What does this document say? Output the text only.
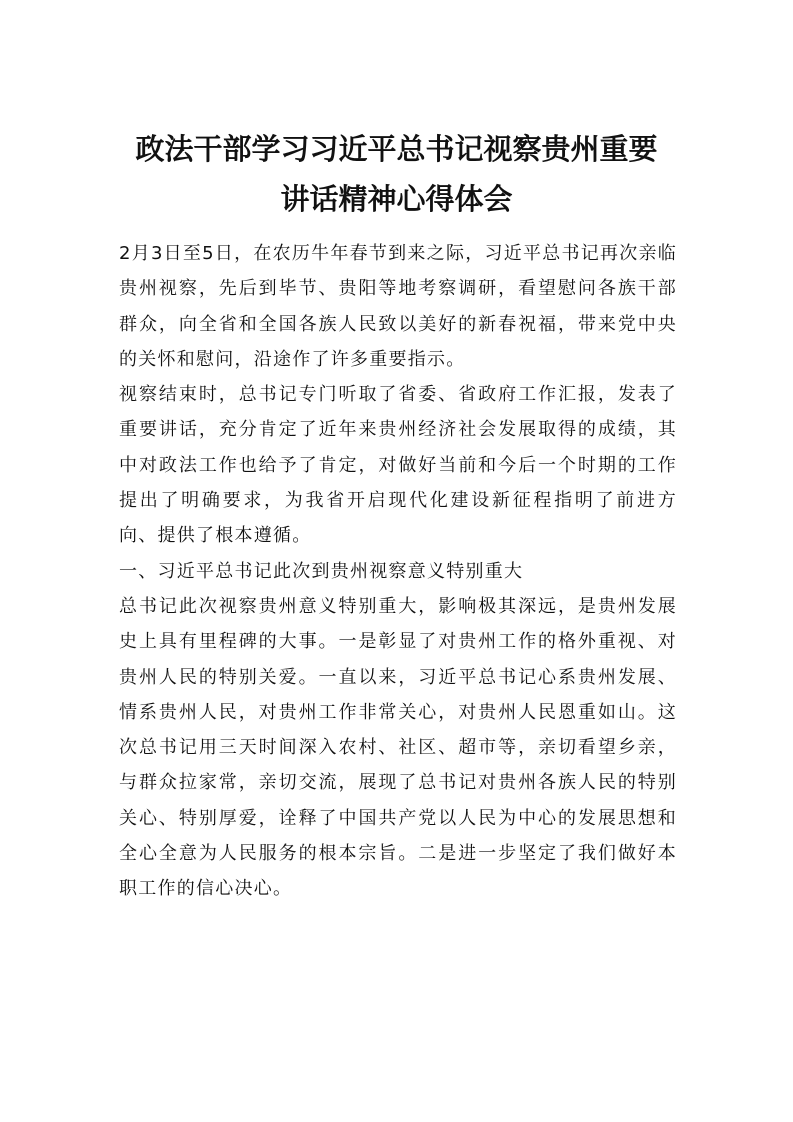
政法干部学习习近平总书记视察贵州重要
讲话精神心得体会

2月3日至5日，在农历牛年春节到来之际，习近平总书记再次亲临贵州视察，先后到毕节、贵阳等地考察调研，看望慰问各族干部群众，向全省和全国各族人民致以美好的新春祝福，带来党中央的关怀和慰问，沿途作了许多重要指示。

视察结束时，总书记专门听取了省委、省政府工作汇报，发表了重要讲话，充分肯定了近年来贵州经济社会发展取得的成绩，其中对政法工作也给予了肯定，对做好当前和今后一个时期的工作提出了明确要求，为我省开启现代化建设新征程指明了前进方向、提供了根本遵循。

一、习近平总书记此次到贵州视察意义特别重大

总书记此次视察贵州意义特别重大，影响极其深远，是贵州发展史上具有里程碑的大事。一是彰显了对贵州工作的格外重视、对贵州人民的特别关爱。一直以来，习近平总书记心系贵州发展、情系贵州人民，对贵州工作非常关心，对贵州人民恩重如山。这次总书记用三天时间深入农村、社区、超市等，亲切看望乡亲，与群众拉家常，亲切交流，展现了总书记对贵州各族人民的特别关心、特别厚爱，诠释了中国共产党以人民为中心的发展思想和全心全意为人民服务的根本宗旨。二是进一步坚定了我们做好本职工作的信心决心。
